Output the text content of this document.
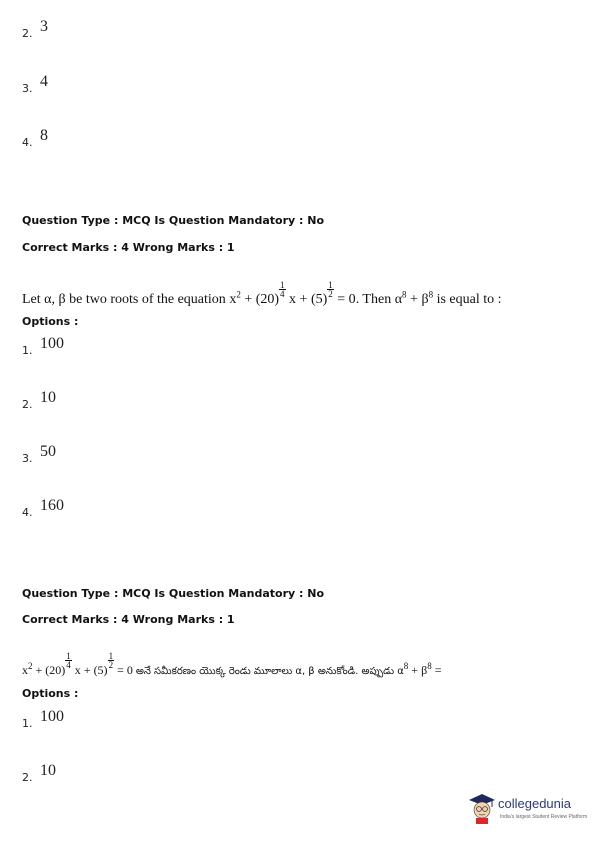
2. 3
3. 4
4. 8
Question Type : MCQ Is Question Mandatory : No
Correct Marks : 4 Wrong Marks : 1
Let α, β be two roots of the equation $x^2 + (20)$
$\frac{1}{4}$
x + (5)
$\frac{1}{2}$
= 0. Then $\alpha^8 + \beta^8$ is equal to :
Options :
1. 100
2. 10
3. 50
4. 160
Question Type : MCQ Is Question Mandatory : No
Correct Marks : 4 Wrong Marks : 1
$x^2 + (20)$
$\frac{1}{4}$
x + (5)
$\frac{1}{2}$
= 0 అనే సమీకరణం యొక్క రెండు మూలాలు α, β అనుకోండి. అప్పుడు $\alpha^8 + \beta^8$ =
Options :
1. 100
2. 10
collegedunia
India's largest Student Review Platform
